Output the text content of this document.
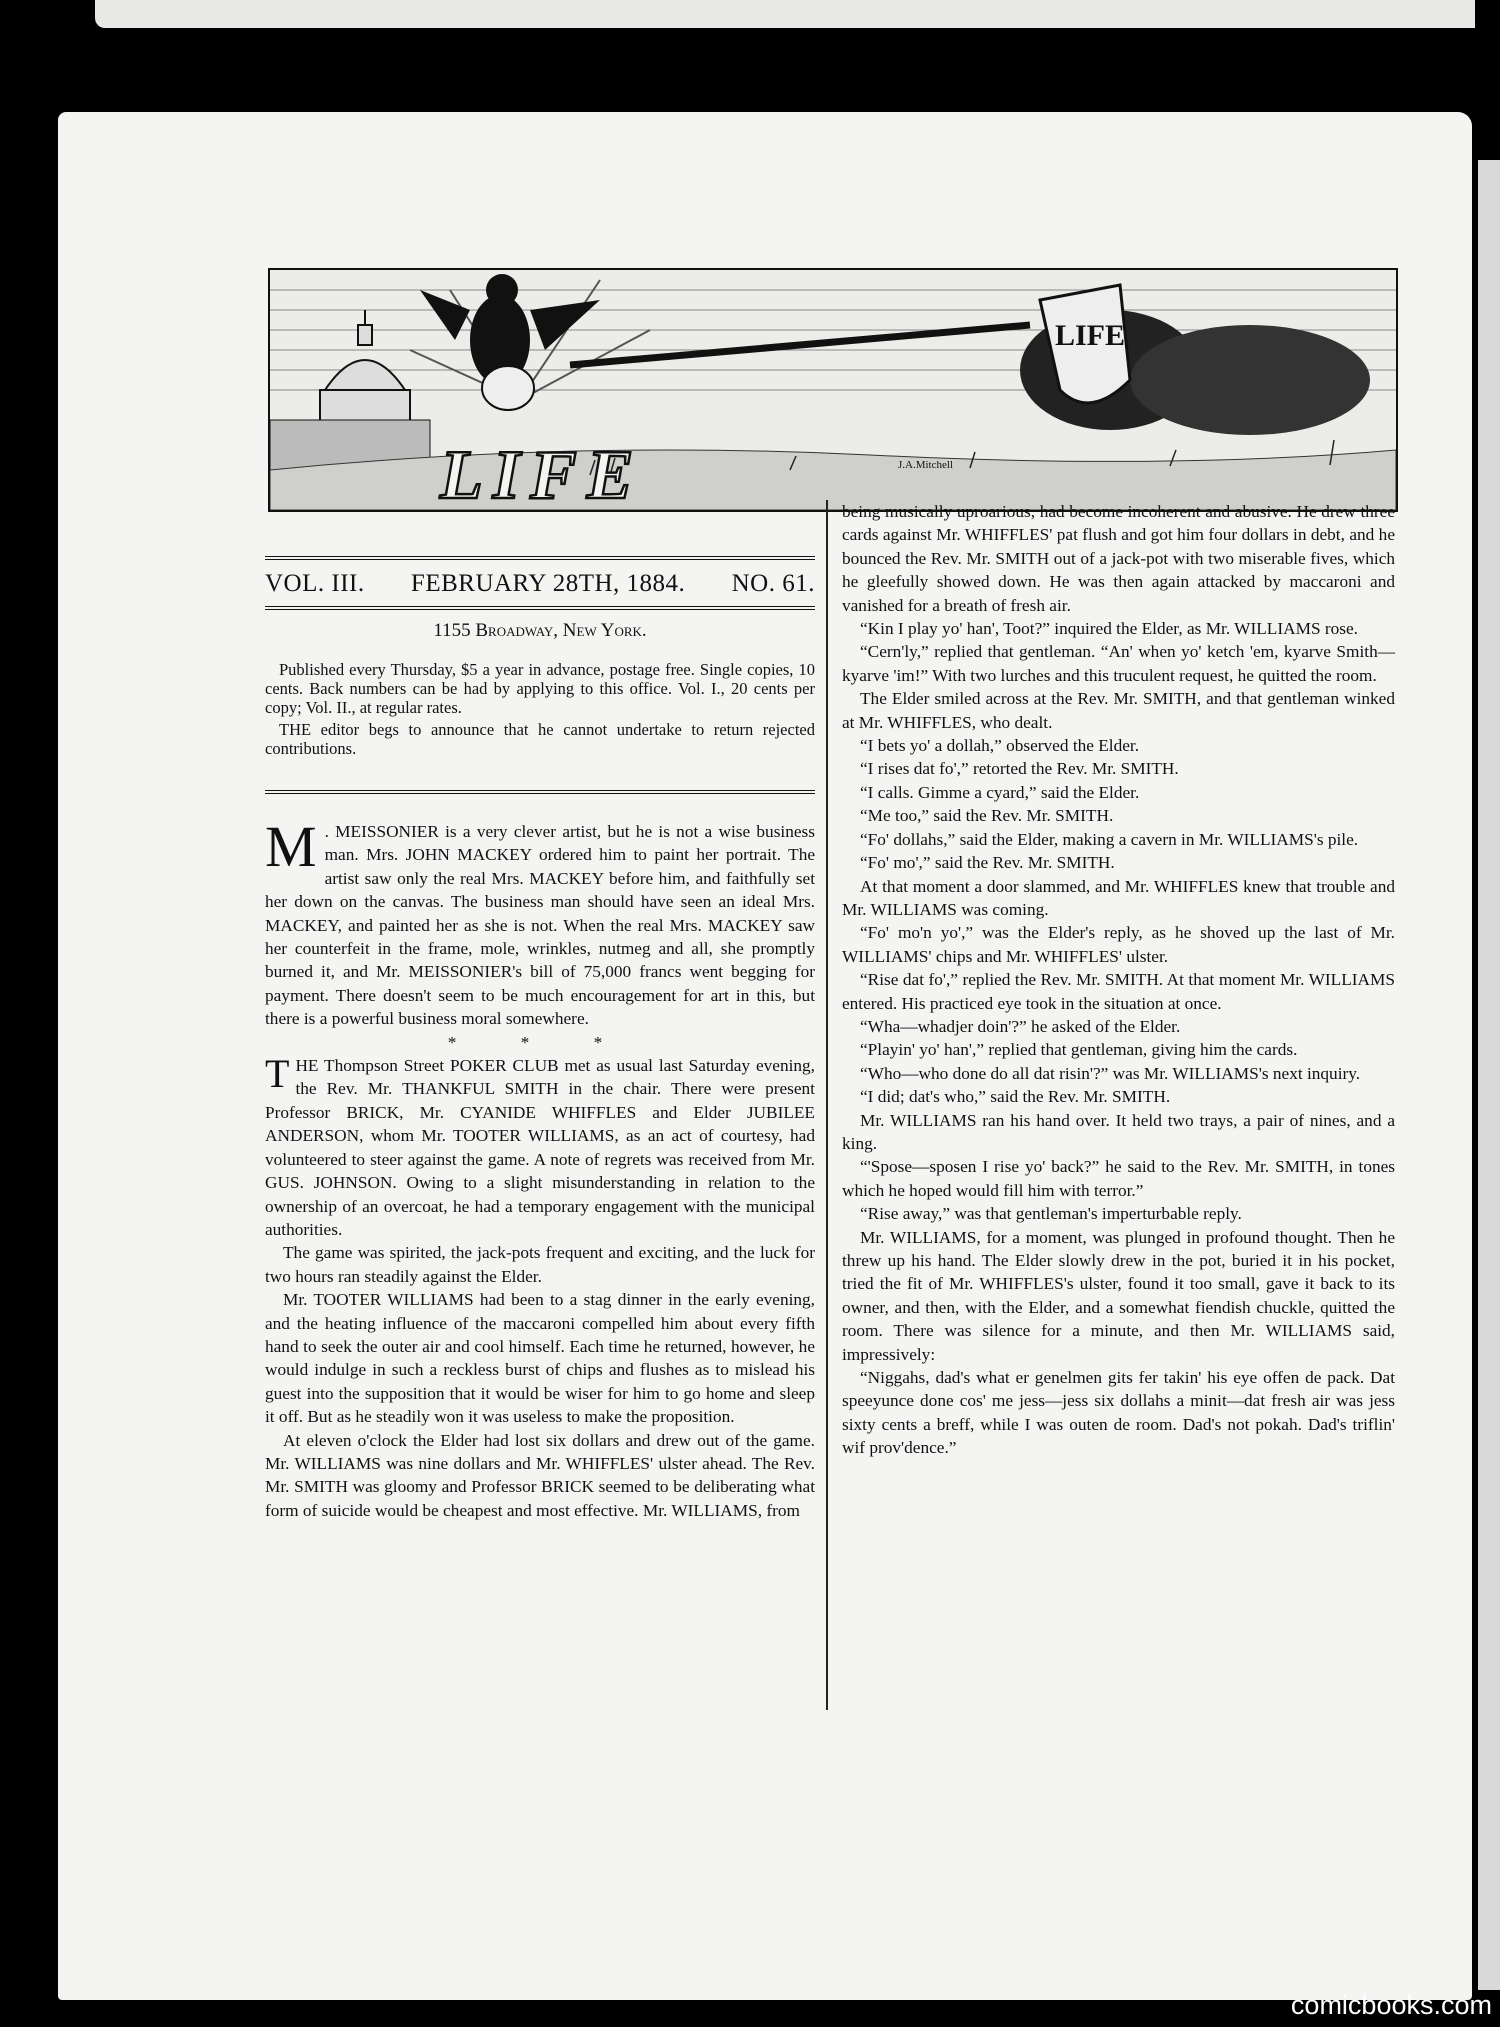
LIFE
LIFE	J.A.Mitchell
VOL. III. FEBRUARY 28TH, 1884. NO. 61.
1155 Broadway, New York.

Published every Thursday, $5 a year in advance, postage free. Single copies, 10 cents. Back numbers can be had by applying to this office. Vol. I., 20 cents per copy; Vol. II., at regular rates.

THE editor begs to announce that he cannot undertake to return rejected contributions.

M . MEISSONIER is a very clever artist, but he is not a wise business man. Mrs. JOHN MACKEY ordered him to paint her portrait. The artist saw only the real Mrs. MACKEY before him, and faithfully set her down on the canvas. The business man should have seen an ideal Mrs. MACKEY, and painted her as she is not. When the real Mrs. MACKEY saw her counterfeit in the frame, mole, wrinkles, nutmeg and all, she promptly burned it, and Mr. MEISSONIER's bill of 75,000 francs went begging for payment. There doesn't seem to be much encouragement for art in this, but there is a powerful business moral somewhere.

* * *

THE Thompson Street POKER CLUB met as usual last Saturday evening, the Rev. Mr. THANKFUL SMITH in the chair. There were present Professor BRICK, Mr. CYANIDE WHIFFLES and Elder JUBILEE ANDERSON, whom Mr. TOOTER WILLIAMS, as an act of courtesy, had volunteered to steer against the game. A note of regrets was received from Mr. GUS. JOHNSON. Owing to a slight misunderstanding in relation to the ownership of an overcoat, he had a temporary engagement with the municipal authorities.

The game was spirited, the jack-pots frequent and exciting, and the luck for two hours ran steadily against the Elder.

Mr. TOOTER WILLIAMS had been to a stag dinner in the early evening, and the heating influence of the maccaroni compelled him about every fifth hand to seek the outer air and cool himself. Each time he returned, however, he would indulge in such a reckless burst of chips and flushes as to mislead his guest into the supposition that it would be wiser for him to go home and sleep it off. But as he steadily won it was useless to make the proposition.

At eleven o'clock the Elder had lost six dollars and drew out of the game. Mr. WILLIAMS was nine dollars and Mr. WHIFFLES' ulster ahead. The Rev. Mr. SMITH was gloomy and Professor BRICK seemed to be deliberating what form of suicide would be cheapest and most effective. Mr. WILLIAMS, from

being musically uproarious, had become incoherent and abusive. He drew three cards against Mr. WHIFFLES' pat flush and got him four dollars in debt, and he bounced the Rev. Mr. SMITH out of a jack-pot with two miserable fives, which he gleefully showed down. He was then again attacked by maccaroni and vanished for a breath of fresh air.

“Kin I play yo' han', Toot?” inquired the Elder, as Mr. WILLIAMS rose.

“Cern'ly,” replied that gentleman. “An' when yo' ketch 'em, kyarve Smith—kyarve 'im!” With two lurches and this truculent request, he quitted the room.

The Elder smiled across at the Rev. Mr. SMITH, and that gentleman winked at Mr. WHIFFLES, who dealt.

“I bets yo' a dollah,” observed the Elder.

“I rises dat fo',” retorted the Rev. Mr. SMITH.

“I calls. Gimme a cyard,” said the Elder.

“Me too,” said the Rev. Mr. SMITH.

“Fo' dollahs,” said the Elder, making a cavern in Mr. WILLIAMS's pile.

“Fo' mo',” said the Rev. Mr. SMITH.

At that moment a door slammed, and Mr. WHIFFLES knew that trouble and Mr. WILLIAMS was coming.

“Fo' mo'n yo',” was the Elder's reply, as he shoved up the last of Mr. WILLIAMS' chips and Mr. WHIFFLES' ulster.

“Rise dat fo',” replied the Rev. Mr. SMITH. At that moment Mr. WILLIAMS entered. His practiced eye took in the situation at once.

“Wha—whadjer doin'?” he asked of the Elder.

“Playin' yo' han',” replied that gentleman, giving him the cards.

“Who—who done do all dat risin'?” was Mr. WILLIAMS's next inquiry.

“I did; dat's who,” said the Rev. Mr. SMITH.

Mr. WILLIAMS ran his hand over. It held two trays, a pair of nines, and a king.

“'Spose—sposen I rise yo' back?” he said to the Rev. Mr. SMITH, in tones which he hoped would fill him with terror.”

“Rise away,” was that gentleman's imperturbable reply.

Mr. WILLIAMS, for a moment, was plunged in profound thought. Then he threw up his hand. The Elder slowly drew in the pot, buried it in his pocket, tried the fit of Mr. WHIFFLES's ulster, found it too small, gave it back to its owner, and then, with the Elder, and a somewhat fiendish chuckle, quitted the room. There was silence for a minute, and then Mr. WILLIAMS said, impressively:

“Niggahs, dad's what er genelmen gits fer takin' his eye offen de pack. Dat speeyunce done cos' me jess—jess six dollahs a minit—dat fresh air was jess sixty cents a breff, while I was outen de room. Dad's not pokah. Dad's triflin' wif prov'dence.”

comicbooks.com
